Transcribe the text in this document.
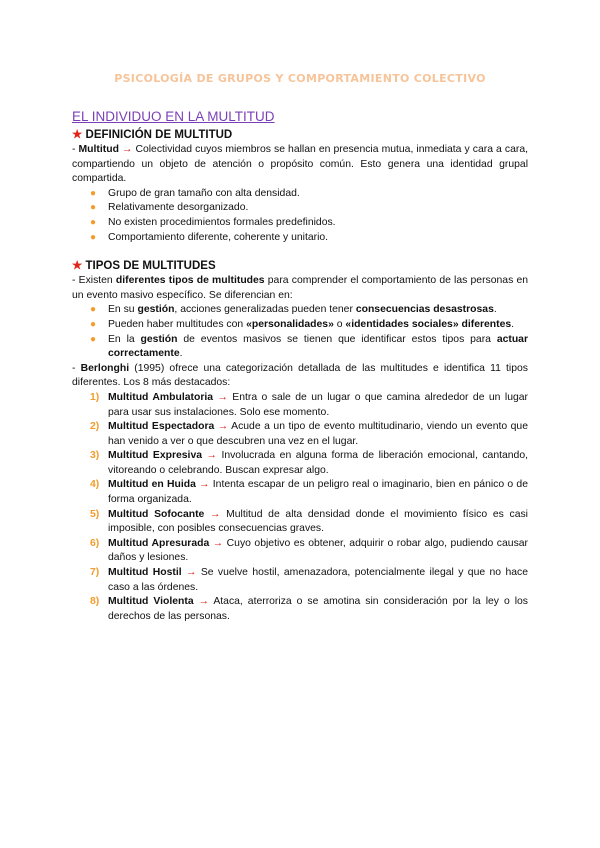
PSICOLOGÍA DE GRUPOS Y COMPORTAMIENTO COLECTIVO
EL INDIVIDUO EN LA MULTITUD
★ DEFINICIÓN DE MULTITUD

- Multitud → Colectividad cuyos miembros se hallan en presencia mutua, inmediata y cara a cara, compartiendo un objeto de atención o propósito común. Esto genera una identidad grupal compartida.

● Grupo de gran tamaño con alta densidad.
● Relativamente desorganizado.
● No existen procedimientos formales predefinidos.
● Comportamiento diferente, coherente y unitario.
★ TIPOS DE MULTITUDES

- Existen diferentes tipos de multitudes para comprender el comportamiento de las personas en un evento masivo específico. Se diferencian en:

● En su gestión, acciones generalizadas pueden tener consecuencias desastrosas.
● Pueden haber multitudes con «personalidades» o «identidades sociales» diferentes.
● En la gestión de eventos masivos se tienen que identificar estos tipos para actuar correctamente.

- Berlonghi (1995) ofrece una categorización detallada de las multitudes e identifica 11 tipos diferentes. Los 8 más destacados:

1) Multitud Ambulatoria → Entra o sale de un lugar o que camina alrededor de un lugar para usar sus instalaciones. Solo ese momento.
2) Multitud Espectadora → Acude a un tipo de evento multitudinario, viendo un evento que han venido a ver o que descubren una vez en el lugar.
3) Multitud Expresiva → Involucrada en alguna forma de liberación emocional, cantando, vitoreando o celebrando. Buscan expresar algo.
4) Multitud en Huida → Intenta escapar de un peligro real o imaginario, bien en pánico o de forma organizada.
5) Multitud Sofocante → Multitud de alta densidad donde el movimiento físico es casi imposible, con posibles consecuencias graves.
6) Multitud Apresurada → Cuyo objetivo es obtener, adquirir o robar algo, pudiendo causar daños y lesiones.
7) Multitud Hostil → Se vuelve hostil, amenazadora, potencialmente ilegal y que no hace caso a las órdenes.
8) Multitud Violenta → Ataca, aterroriza o se amotina sin consideración por la ley o los derechos de las personas.
